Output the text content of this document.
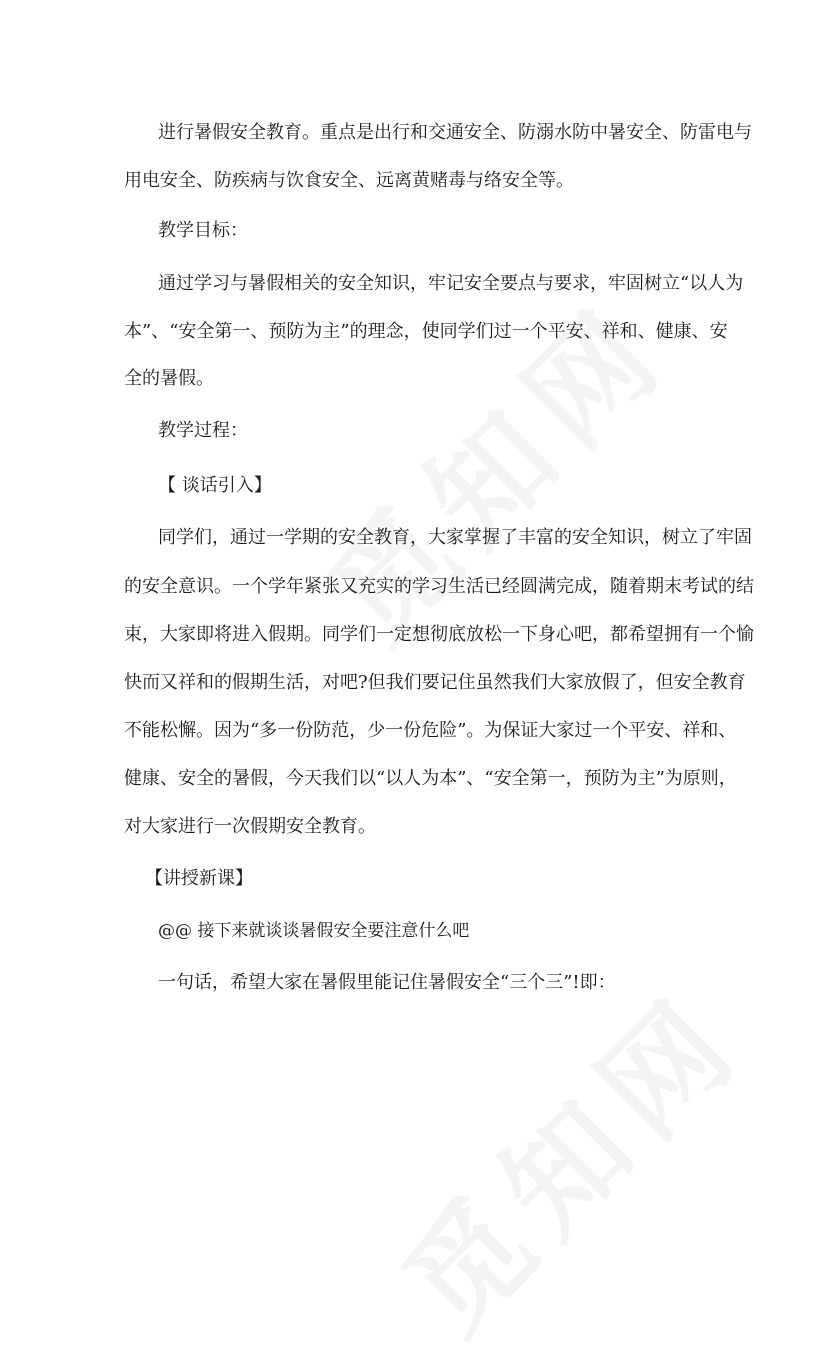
进行暑假安全教育。重点是出行和交通安全、防溺水防中暑安全、防雷电与
用电安全、防疾病与饮食安全、远离黄赌毒与络安全等。
教学目标：
通过学习与暑假相关的安全知识，牢记安全要点与要求，牢固树立“以人为
本”、“安全第一、预防为主”的理念，使同学们过一个平安、祥和、健康、安
全的暑假。
教学过程：
【 谈话引入】
同学们，通过一学期的安全教育，大家掌握了丰富的安全知识，树立了牢固
的安全意识。一个学年紧张又充实的学习生活已经圆满完成，随着期末考试的结
束，大家即将进入假期。同学们一定想彻底放松一下身心吧，都希望拥有一个愉
快而又祥和的假期生活，对吧?但我们要记住虽然我们大家放假了，但安全教育
不能松懈。因为“多一份防范，少一份危险”。为保证大家过一个平安、祥和、
健康、安全的暑假，今天我们以“以人为本”、“安全第一，预防为主”为原则，
对大家进行一次假期安全教育。
【讲授新课】
@@ 接下来就谈谈暑假安全要注意什么吧
一句话，希望大家在暑假里能记住暑假安全“三个三”!即：
